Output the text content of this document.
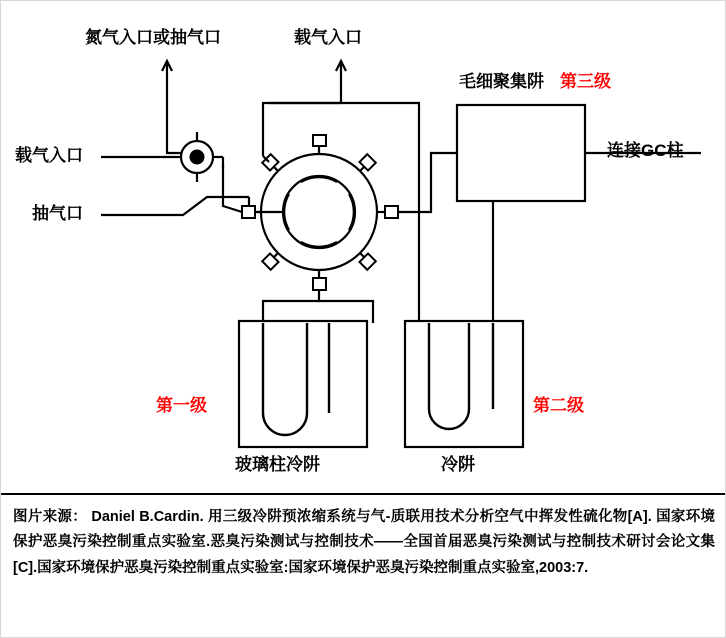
氮气入口或抽气口	载气入口
载气入口
抽气口
毛细聚集阱 第三级
连接GC柱
第一级	第二级
玻璃柱冷阱	冷阱
图片来源： Daniel B.Cardin. 用三级冷阱预浓缩系统与气-质联用技术分析空气中挥发性硫化物[A]. 国家环境保护恶臭污染控制重点实验室.恶臭污染测试与控制技术——全国首届恶臭污染测试与控制技术研讨会论文集[C].国家环境保护恶臭污染控制重点实验室:国家环境保护恶臭污染控制重点实验室,2003:7.
